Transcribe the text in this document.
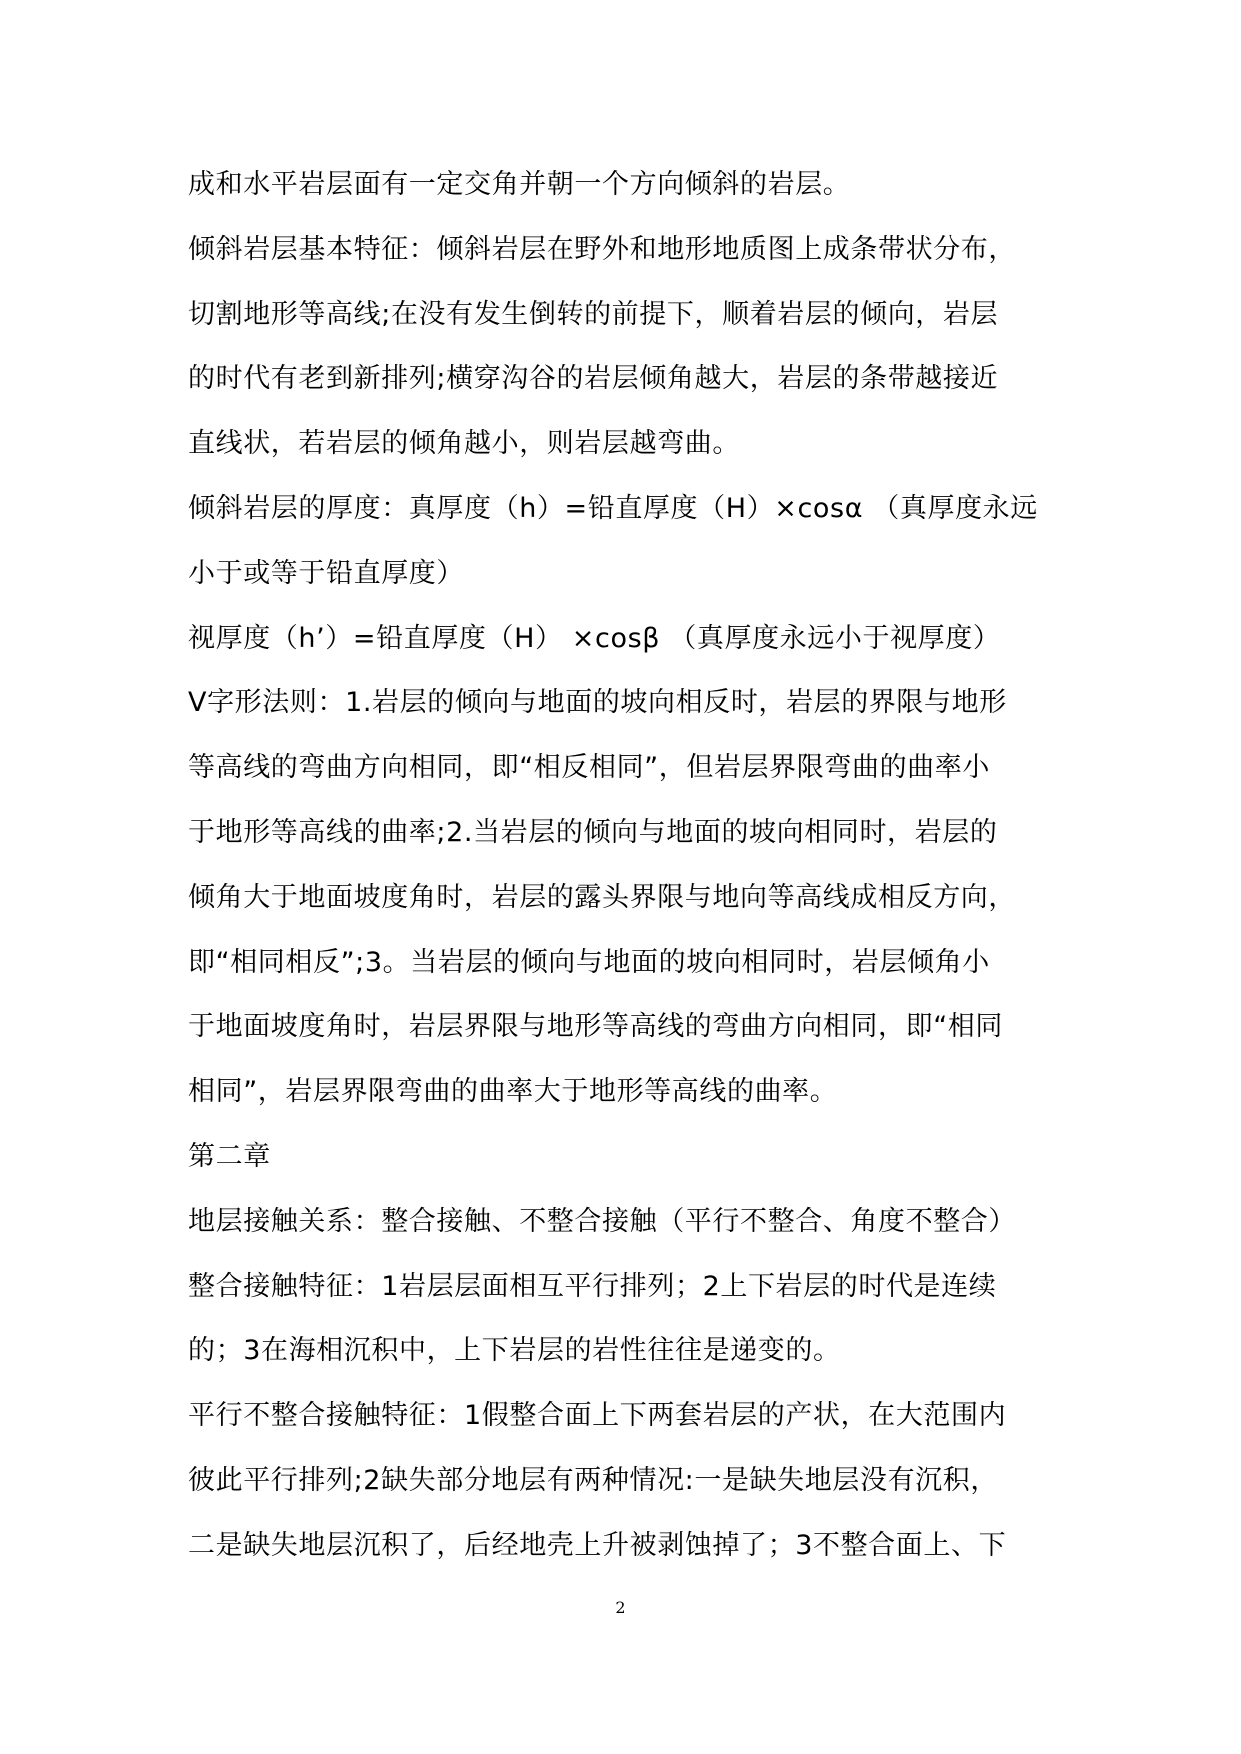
成和水平岩层面有一定交角并朝一个方向倾斜的岩层。
倾斜岩层基本特征：倾斜岩层在野外和地形地质图上成条带状分布，
切割地形等高线;在没有发生倒转的前提下，顺着岩层的倾向，岩层
的时代有老到新排列;横穿沟谷的岩层倾角越大，岩层的条带越接近
直线状，若岩层的倾角越小，则岩层越弯曲。
倾斜岩层的厚度：真厚度（h）=铅直厚度（H）×cosα （真厚度永远
小于或等于铅直厚度）
视厚度（h’）=铅直厚度（H） ×cosβ （真厚度永远小于视厚度）
V字形法则：1.岩层的倾向与地面的坡向相反时，岩层的界限与地形
等高线的弯曲方向相同，即“相反相同”，但岩层界限弯曲的曲率小
于地形等高线的曲率;2.当岩层的倾向与地面的坡向相同时，岩层的
倾角大于地面坡度角时，岩层的露头界限与地向等高线成相反方向，
即“相同相反”;3。当岩层的倾向与地面的坡向相同时，岩层倾角小
于地面坡度角时，岩层界限与地形等高线的弯曲方向相同，即“相同
相同”，岩层界限弯曲的曲率大于地形等高线的曲率。
第二章
地层接触关系：整合接触、不整合接触（平行不整合、角度不整合）
整合接触特征：1岩层层面相互平行排列；2上下岩层的时代是连续
的；3在海相沉积中，上下岩层的岩性往往是递变的。
平行不整合接触特征：1假整合面上下两套岩层的产状，在大范围内
彼此平行排列;2缺失部分地层有两种情况:一是缺失地层没有沉积，
二是缺失地层沉积了，后经地壳上升被剥蚀掉了；3不整合面上、下
2
